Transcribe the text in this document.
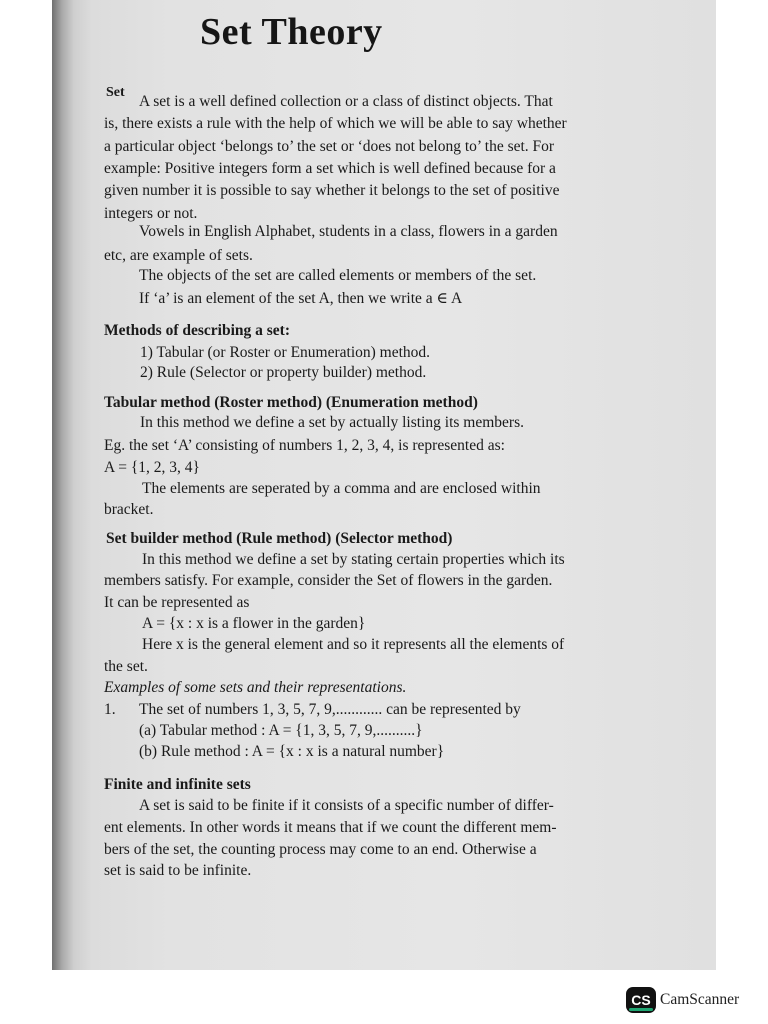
Set Theory
Set
A set is a well defined collection or a class of distinct objects. That
is, there exists a rule with the help of which we will be able to say whether
a particular object ‘belongs to’ the set or ‘does not belong to’ the set. For
example: Positive integers form a set which is well defined because for a
given number it is possible to say whether it belongs to the set of positive
integers or not.
Vowels in English Alphabet, students in a class, flowers in a garden
etc, are example of sets.
The objects of the set are called elements or members of the set.
If ‘a’ is an element of the set A, then we write a ∈ A
Methods of describing a set:
1) Tabular (or Roster or Enumeration) method.
2) Rule (Selector or property builder) method.
Tabular method (Roster method) (Enumeration method)
In this method we define a set by actually listing its members.
Eg. the set ‘A’ consisting of numbers 1, 2, 3, 4, is represented as:
A = {1, 2, 3, 4}
The elements are seperated by a comma and are enclosed within
bracket.
Set builder method (Rule method) (Selector method)
In this method we define a set by stating certain properties which its
members satisfy. For example, consider the Set of flowers in the garden.
It can be represented as
A = {x : x is a flower in the garden}
Here x is the general element and so it represents all the elements of
the set.
Examples of some sets and their representations.
1. The set of numbers 1, 3, 5, 7, 9,............ can be represented by
(a) Tabular method : A = {1, 3, 5, 7, 9,..........}
(b) Rule method : A = {x : x is a natural number}
Finite and infinite sets
A set is said to be finite if it consists of a specific number of differ-
ent elements. In other words it means that if we count the different mem-
bers of the set, the counting process may come to an end. Otherwise a
set is said to be infinite.
CS CamScanner
